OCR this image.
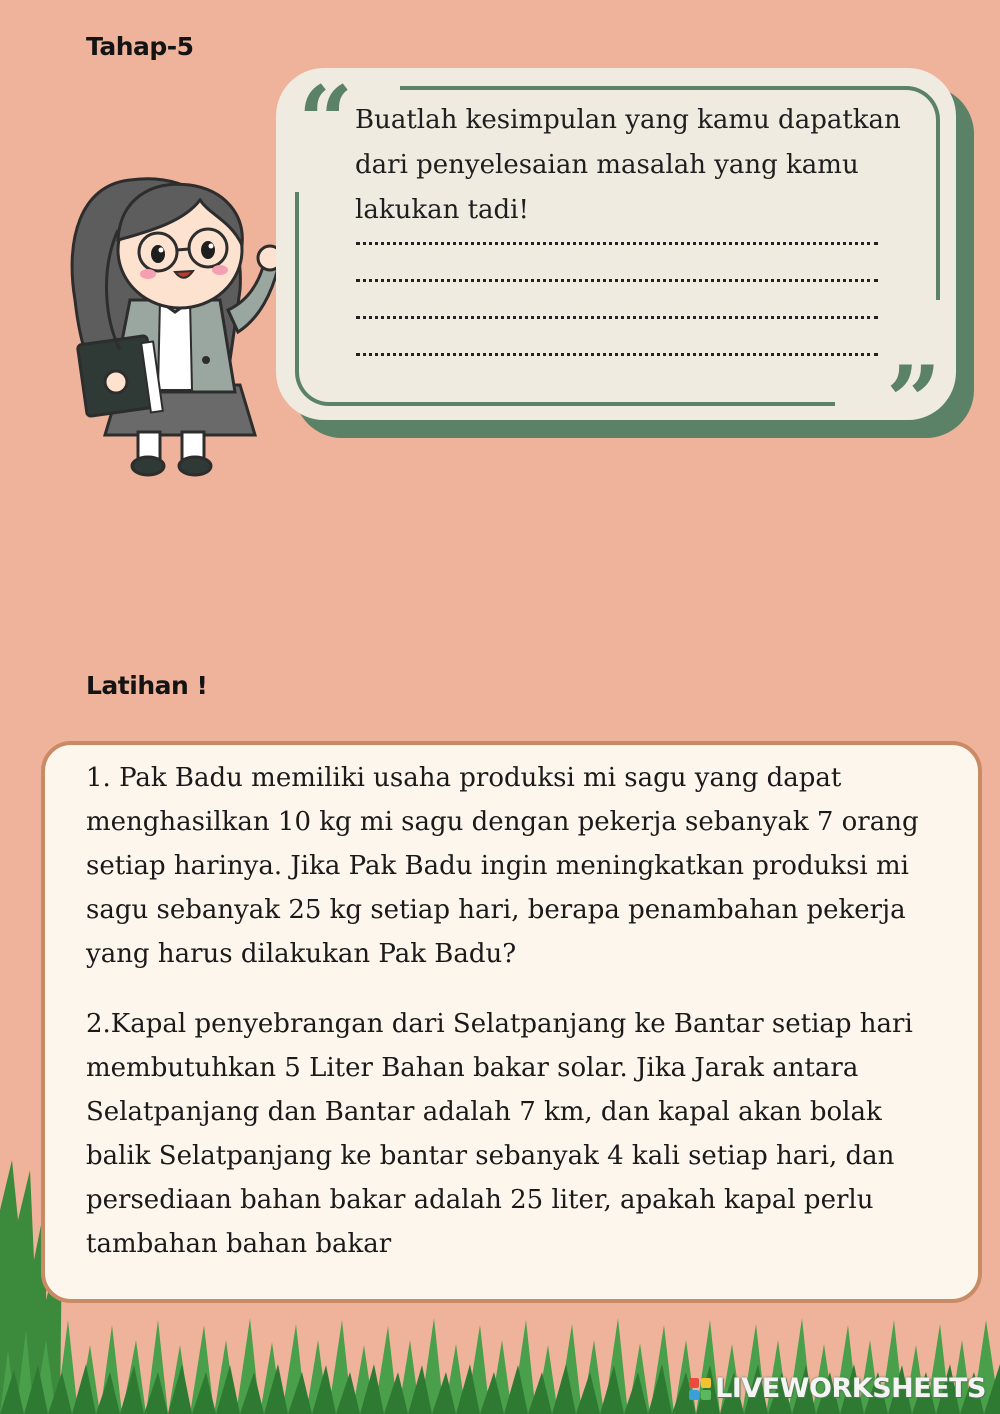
Tahap-5
“
”

Buatlah kesimpulan yang kamu dapatkan dari penyelesaian masalah yang kamu lakukan tadi!

Latihan !

1. Pak Badu memiliki usaha produksi mi sagu yang dapat menghasilkan 10 kg mi sagu dengan pekerja sebanyak 7 orang setiap harinya. Jika Pak Badu ingin meningkatkan produksi mi sagu sebanyak 25 kg setiap hari, berapa penambahan pekerja yang harus dilakukan Pak Badu?

2.Kapal penyebrangan dari Selatpanjang ke Bantar setiap hari membutuhkan 5 Liter Bahan bakar solar. Jika Jarak antara Selatpanjang dan Bantar adalah 7 km, dan kapal akan bolak balik Selatpanjang ke bantar sebanyak 4 kali setiap hari, dan persediaan bahan bakar adalah 25 liter, apakah kapal perlu tambahan bahan bakar

LIVEWORKSHEETS
